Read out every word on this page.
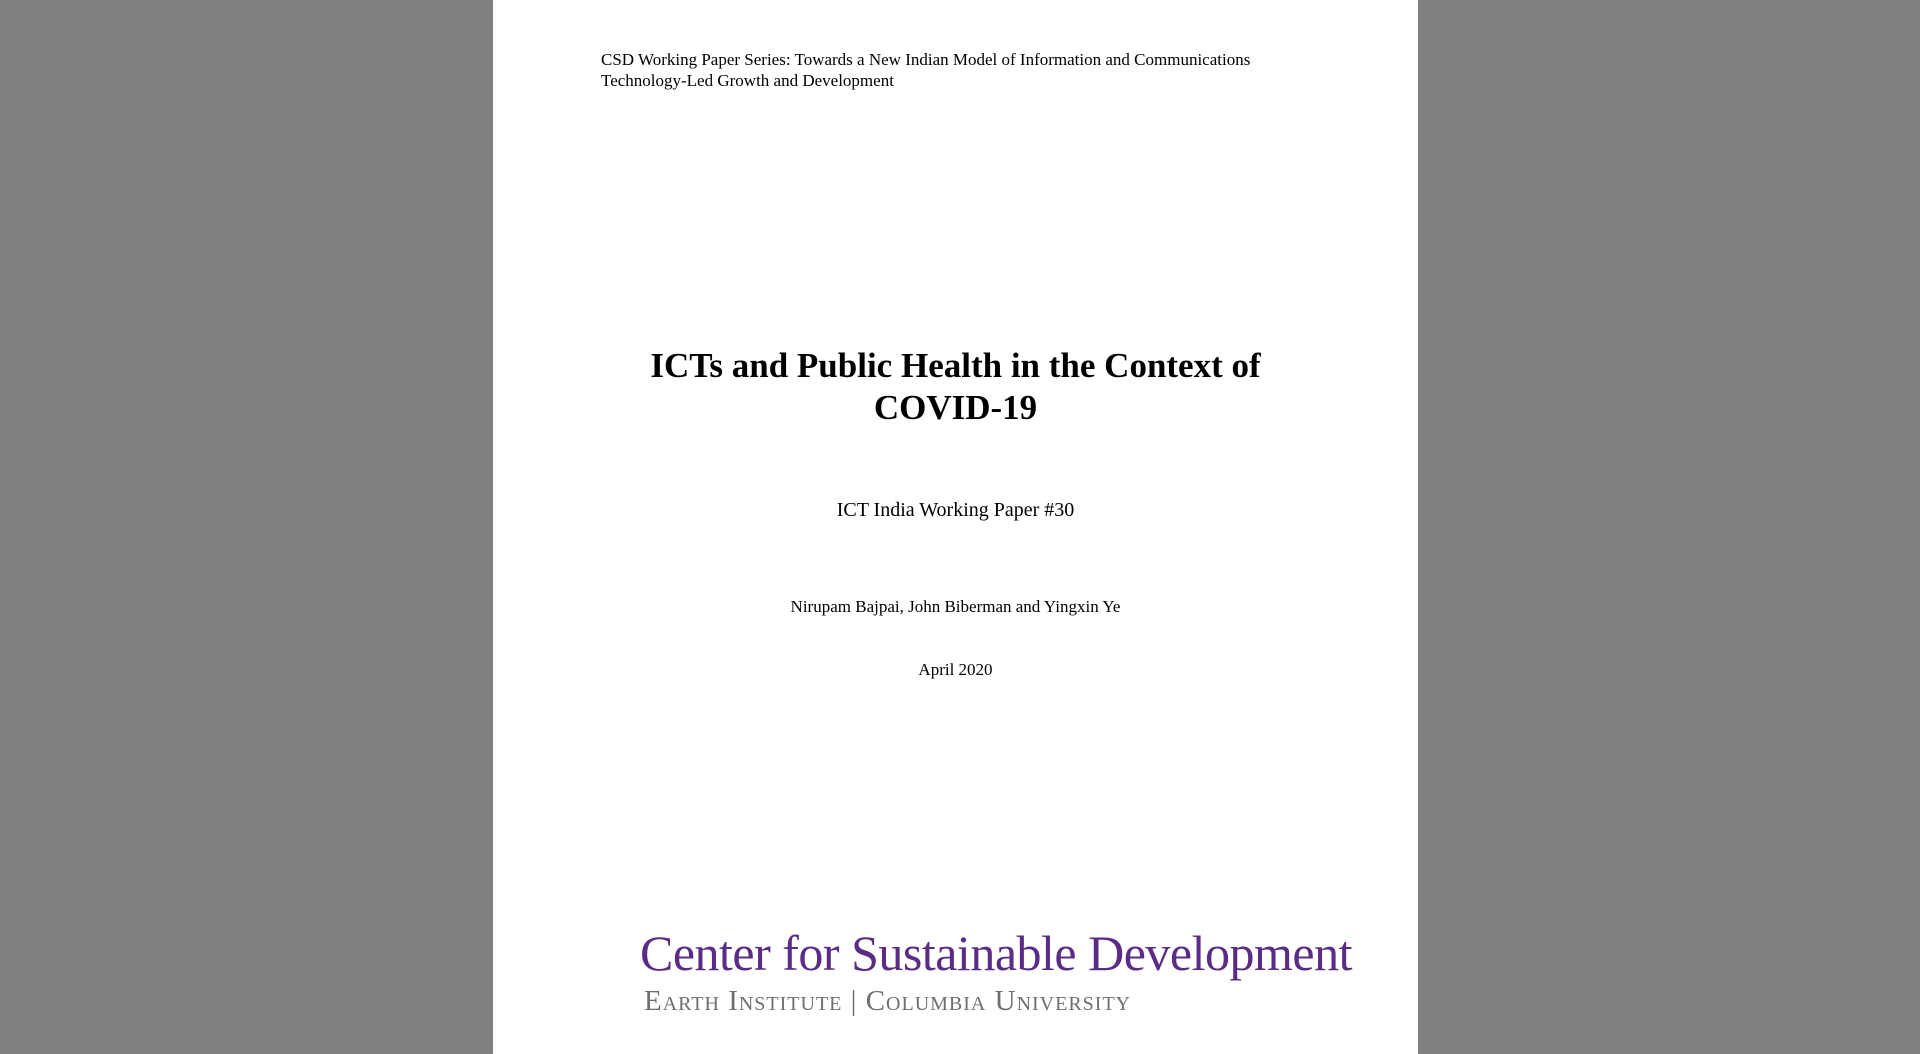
CSD Working Paper Series: Towards a New Indian Model of Information and Communications
Technology-Led Growth and Development
ICTs and Public Health in the Context of
COVID-19
ICT India Working Paper #30
Nirupam Bajpai, John Biberman and Yingxin Ye
April 2020
Center for Sustainable Development
Earth Institute | Columbia University
